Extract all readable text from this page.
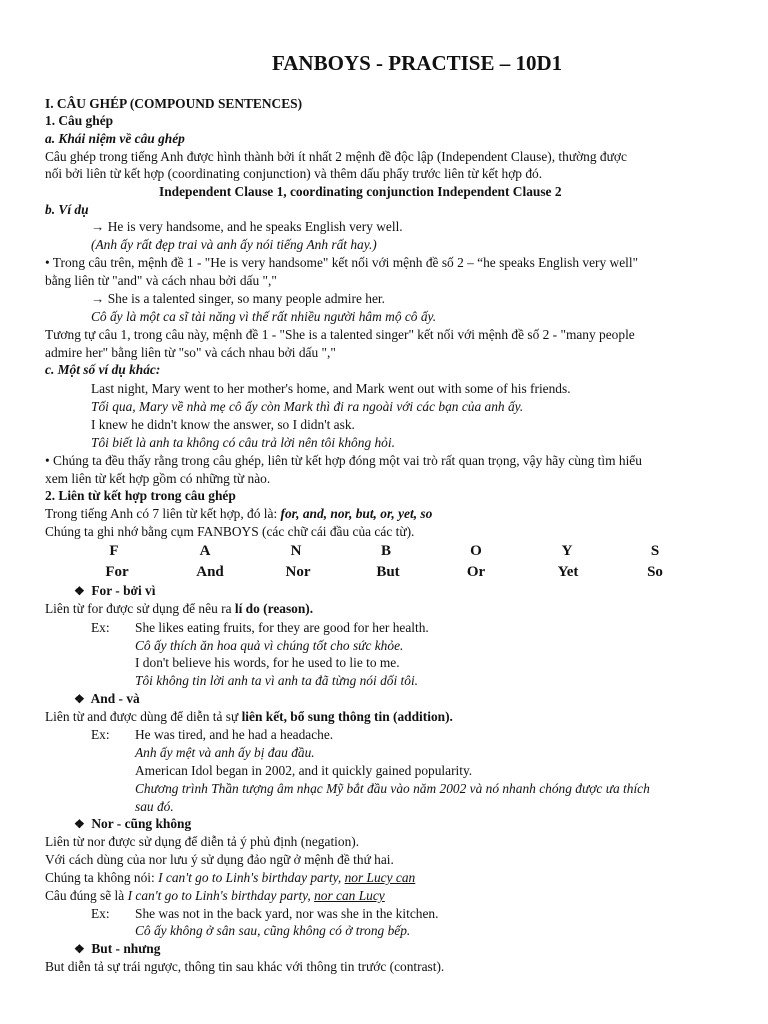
FANBOYS - PRACTISE – 10D1
I. CÂU GHÉP (COMPOUND SENTENCES)
1. Câu ghép
a. Khái niệm về câu ghép
Câu ghép trong tiếng Anh được hình thành bởi ít nhất 2 mệnh đề độc lập (Independent Clause), thường được
nối bởi liên từ kết hợp (coordinating conjunction) và thêm dấu phẩy trước liên từ kết hợp đó.
Independent Clause 1, coordinating conjunction Independent Clause 2
b. Ví dụ
→ He is very handsome, and he speaks English very well.
(Anh ấy rất đẹp trai và anh ấy nói tiếng Anh rất hay.)
• Trong câu trên, mệnh đề 1 - "He is very handsome" kết nối với mệnh đề số 2 – “he speaks English very well"
bằng liên từ "and" và cách nhau bởi dấu ","
→ She is a talented singer, so many people admire her.
Cô ấy là một ca sĩ tài năng vì thế rất nhiều người hâm mộ cô ấy.
Tương tự câu 1, trong câu này, mệnh đề 1 - "She is a talented singer" kết nối với mệnh đề số 2 - "many people
admire her" bằng liên từ "so" và cách nhau bởi dấu ","
c. Một số ví dụ khác:
Last night, Mary went to her mother's home, and Mark went out with some of his friends.
Tối qua, Mary về nhà mẹ cô ấy còn Mark thì đi ra ngoài với các bạn của anh ấy.
I knew he didn't know the answer, so I didn't ask.
Tôi biết là anh ta không có câu trả lời nên tôi không hỏi.
• Chúng ta đều thấy rằng trong câu ghép, liên từ kết hợp đóng một vai trò rất quan trọng, vậy hãy cùng tìm hiểu
xem liên từ kết hợp gồm có những từ nào.
2. Liên từ kết hợp trong câu ghép
Trong tiếng Anh có 7 liên từ kết hợp, đó là: for, and, nor, but, or, yet, so
Chúng ta ghi nhớ bằng cụm FANBOYS (các chữ cái đầu của các từ).
F	A	N	B	O	Y	S
For	And	Nor	But	Or	Yet	So
❖ For - bởi vì
Liên từ for được sử dụng để nêu ra lí do (reason).
Ex: She likes eating fruits, for they are good for her health.
Cô ấy thích ăn hoa quả vì chúng tốt cho sức khỏe.
I don't believe his words, for he used to lie to me.
Tôi không tin lời anh ta vì anh ta đã từng nói dối tôi.
❖ And - và
Liên từ and được dùng để diễn tả sự liên kết, bổ sung thông tin (addition).
Ex: He was tired, and he had a headache.
Anh ấy mệt và anh ấy bị đau đầu.
American Idol began in 2002, and it quickly gained popularity.
Chương trình Thần tượng âm nhạc Mỹ bắt đầu vào năm 2002 và nó nhanh chóng được ưa thích
sau đó.
❖ Nor - cũng không
Liên từ nor được sử dụng để diễn tả ý phủ định (negation).
Với cách dùng của nor lưu ý sử dụng đảo ngữ ở mệnh đề thứ hai.
Chúng ta không nói: I can't go to Linh's birthday party, nor Lucy can
Câu đúng sẽ là I can't go to Linh's birthday party, nor can Lucy
Ex: She was not in the back yard, nor was she in the kitchen.
Cô ấy không ở sân sau, cũng không có ở trong bếp.
❖ But - nhưng
But diễn tả sự trái ngược, thông tin sau khác với thông tin trước (contrast).
